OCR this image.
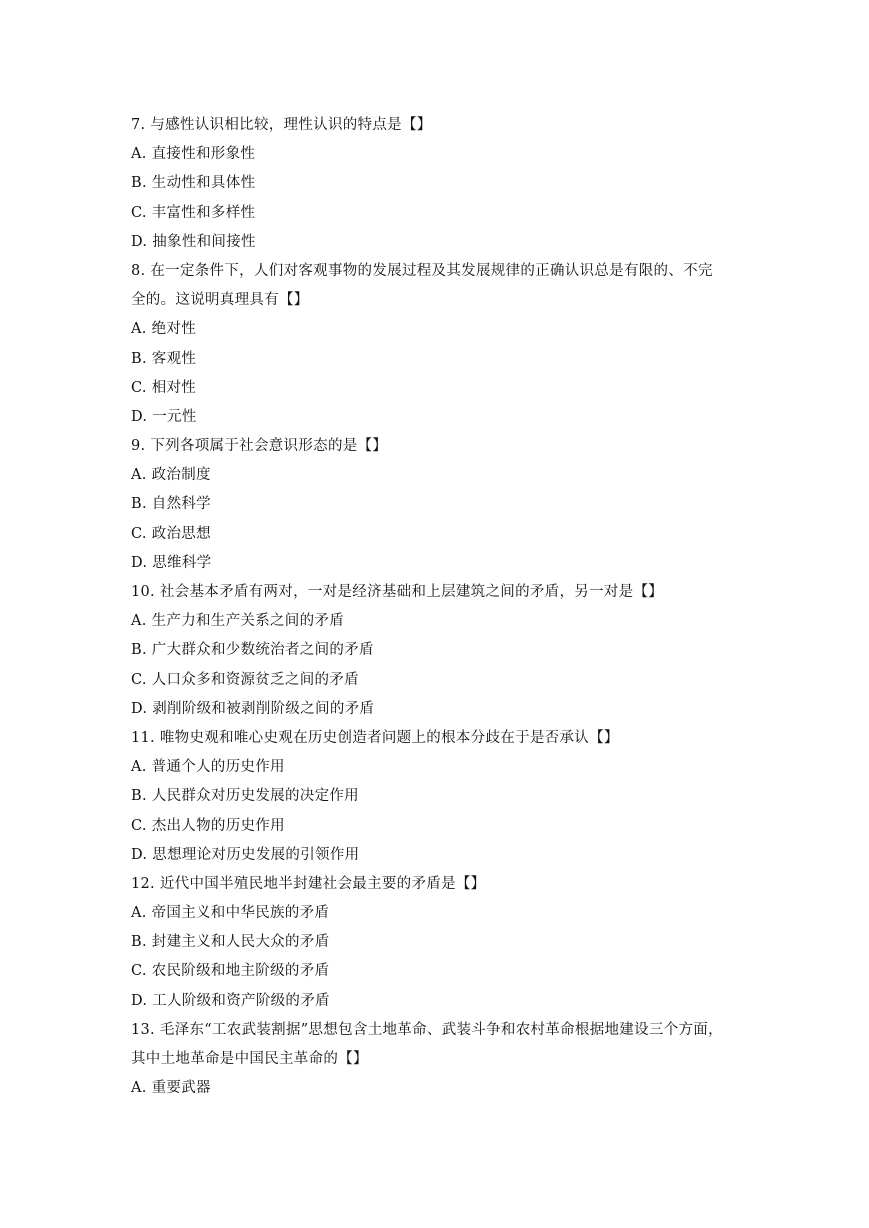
7. 与感性认识相比较，理性认识的特点是【】
A. 直接性和形象性
B. 生动性和具体性
C. 丰富性和多样性
D. 抽象性和间接性
8. 在一定条件下，人们对客观事物的发展过程及其发展规律的正确认识总是有限的、不完
全的。这说明真理具有【】
A. 绝对性
B. 客观性
C. 相对性
D. 一元性
9. 下列各项属于社会意识形态的是【】
A. 政治制度
B. 自然科学
C. 政治思想
D. 思维科学
10. 社会基本矛盾有两对，一对是经济基础和上层建筑之间的矛盾，另一对是【】
A. 生产力和生产关系之间的矛盾
B. 广大群众和少数统治者之间的矛盾
C. 人口众多和资源贫乏之间的矛盾
D. 剥削阶级和被剥削阶级之间的矛盾
11. 唯物史观和唯心史观在历史创造者问题上的根本分歧在于是否承认【】
A. 普通个人的历史作用
B. 人民群众对历史发展的决定作用
C. 杰出人物的历史作用
D. 思想理论对历史发展的引领作用
12. 近代中国半殖民地半封建社会最主要的矛盾是【】
A. 帝国主义和中华民族的矛盾
B. 封建主义和人民大众的矛盾
C. 农民阶级和地主阶级的矛盾
D. 工人阶级和资产阶级的矛盾
13. 毛泽东“工农武装割据”思想包含土地革命、武装斗争和农村革命根据地建设三个方面，
其中土地革命是中国民主革命的【】
A. 重要武器
